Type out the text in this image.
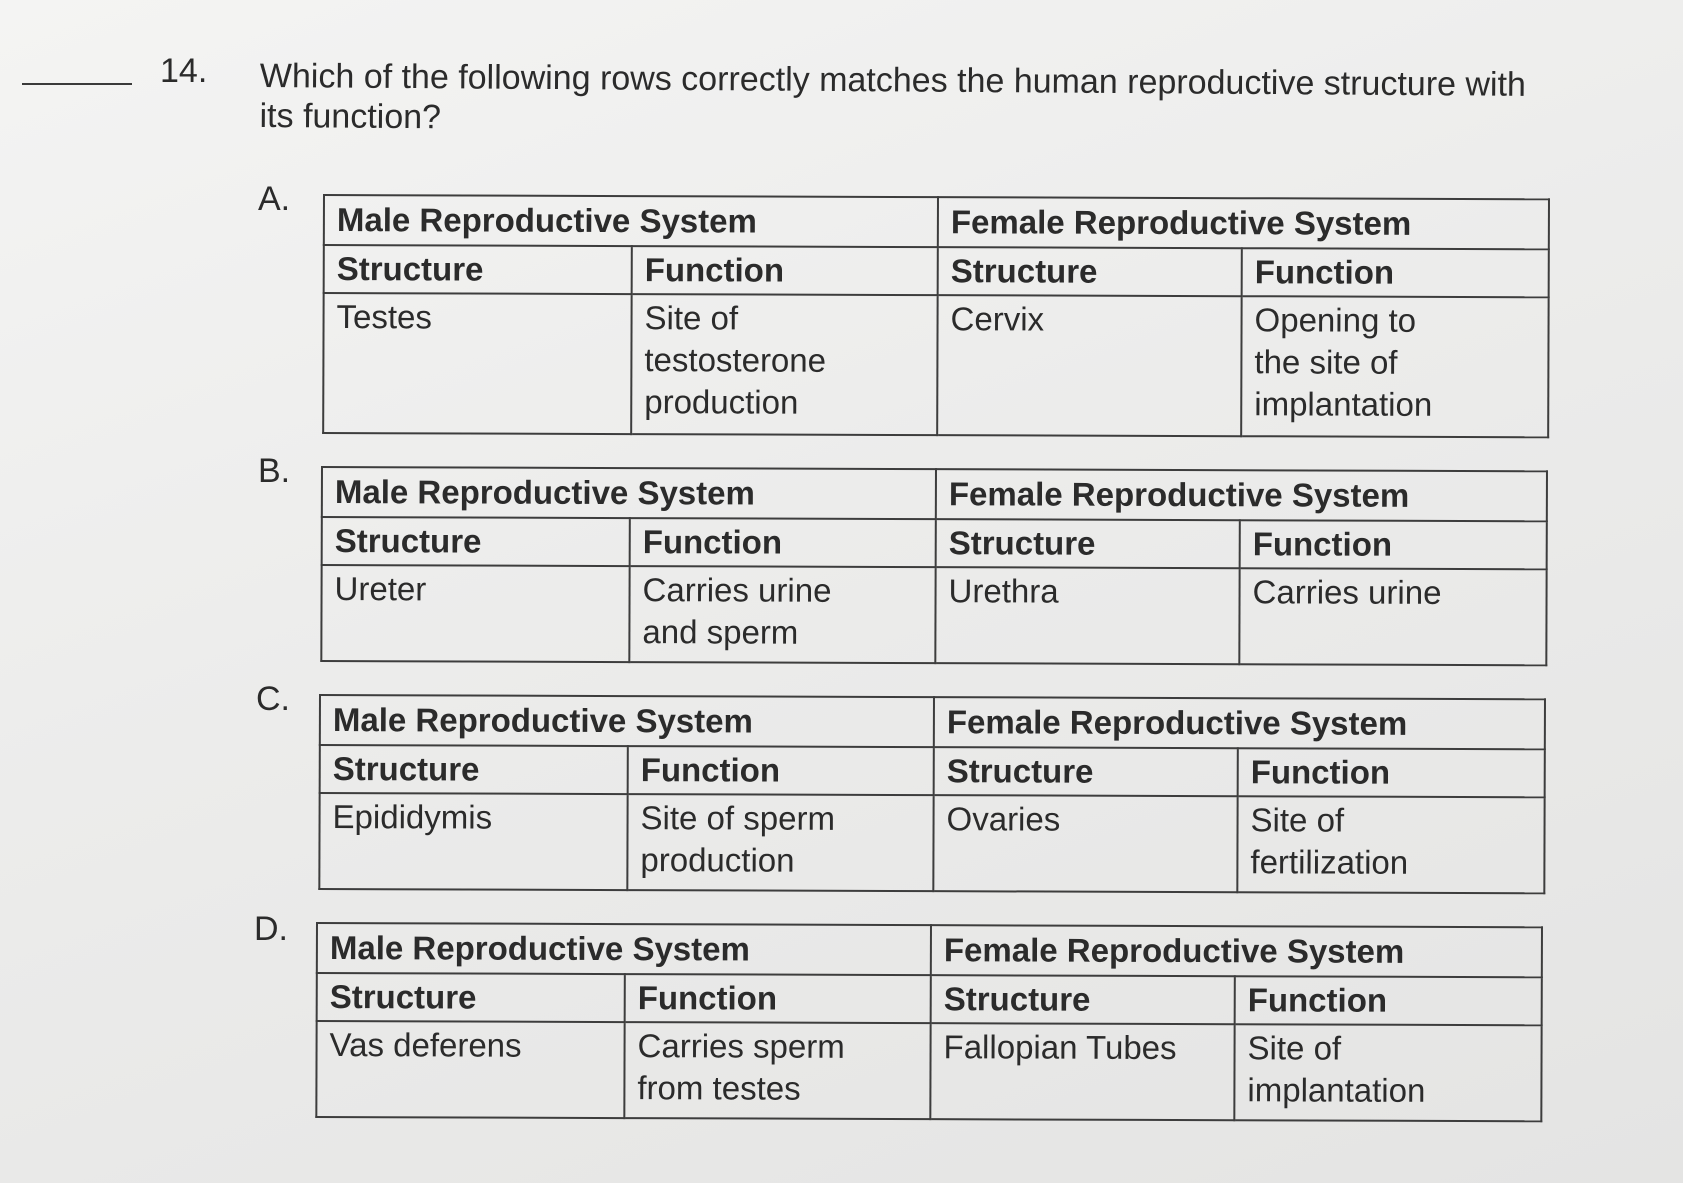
14. Which of the following rows correctly matches the human reproductive structure with its function?
A.
Male Reproductive System		Female Reproductive System	
Structure	Function	Structure	Function
Testes	Site of testosterone production	Cervix	Opening to the site of implantation
B.
Male Reproductive System		Female Reproductive System	
Structure	Function	Structure	Function
Ureter	Carries urine and sperm	Urethra	Carries urine
C.
Male Reproductive System		Female Reproductive System	
Structure	Function	Structure	Function
Epididymis	Site of sperm production	Ovaries	Site of fertilization
D.
Male Reproductive System		Female Reproductive System	
Structure	Function	Structure	Function
Vas deferens	Carries sperm from testes	Fallopian Tubes	Site of implantation
